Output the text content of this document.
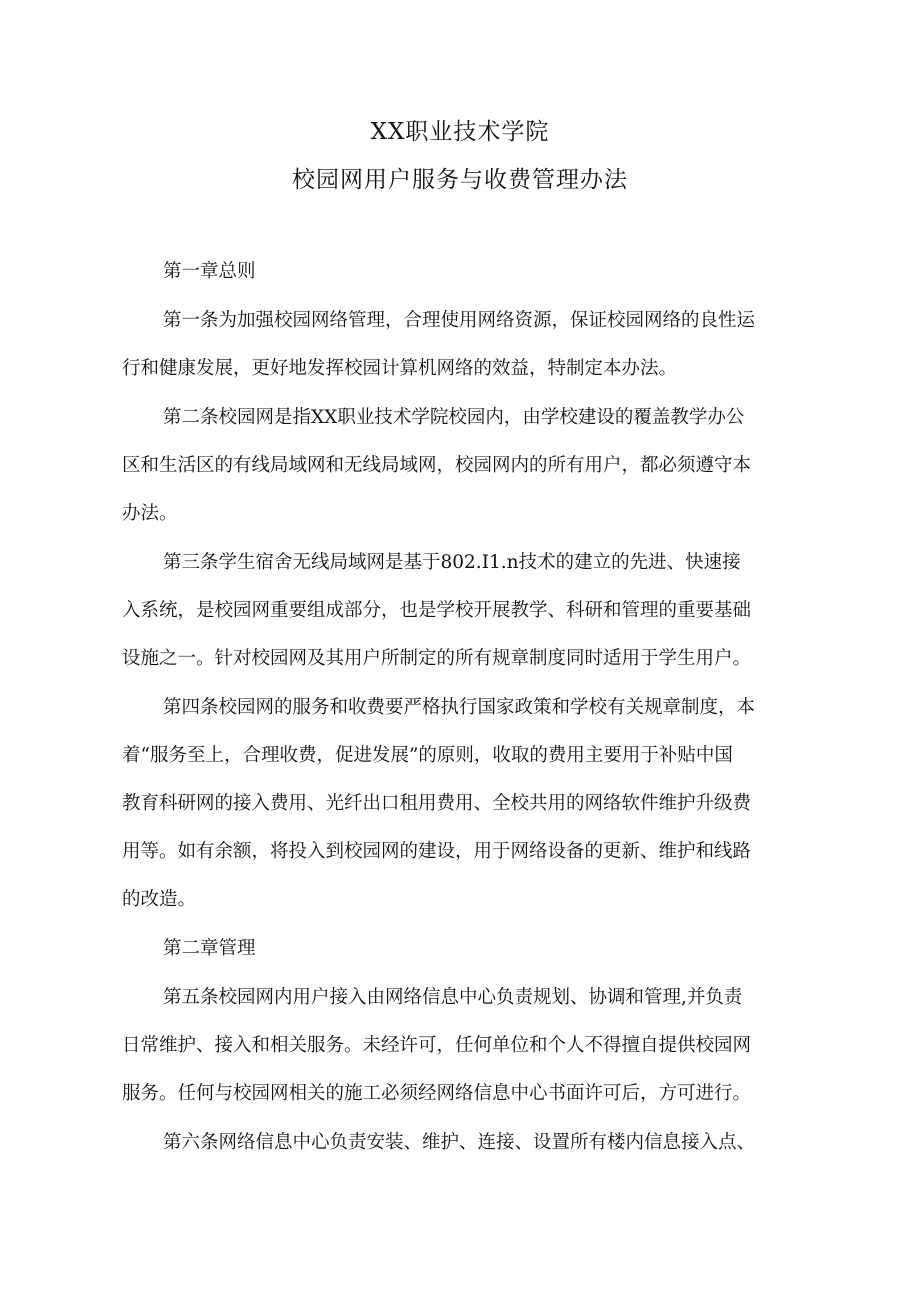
XX职业技术学院
校园网用户服务与收费管理办法
第一章总则
第一条为加强校园网络管理，合理使用网络资源，保证校园网络的良性运
行和健康发展，更好地发挥校园计算机网络的效益，特制定本办法。
第二条校园网是指XX职业技术学院校园内，由学校建设的覆盖教学办公
区和生活区的有线局域网和无线局域网，校园网内的所有用户，都必须遵守本
办法。
第三条学生宿舍无线局域网是基于802.I1.n技术的建立的先进、快速接
入系统，是校园网重要组成部分，也是学校开展教学、科研和管理的重要基础
设施之一。针对校园网及其用户所制定的所有规章制度同时适用于学生用户。
第四条校园网的服务和收费要严格执行国家政策和学校有关规章制度，本
着“服务至上，合理收费，促进发展”的原则，收取的费用主要用于补贴中国
教育科研网的接入费用、光纤出口租用费用、全校共用的网络软件维护升级费
用等。如有余额，将投入到校园网的建设，用于网络设备的更新、维护和线路
的改造。
第二章管理
第五条校园网内用户接入由网络信息中心负责规划、协调和管理,并负责
日常维护、接入和相关服务。未经许可，任何单位和个人不得擅自提供校园网
服务。任何与校园网相关的施工必须经网络信息中心书面许可后，方可进行。
第六条网络信息中心负责安装、维护、连接、设置所有楼内信息接入点、
